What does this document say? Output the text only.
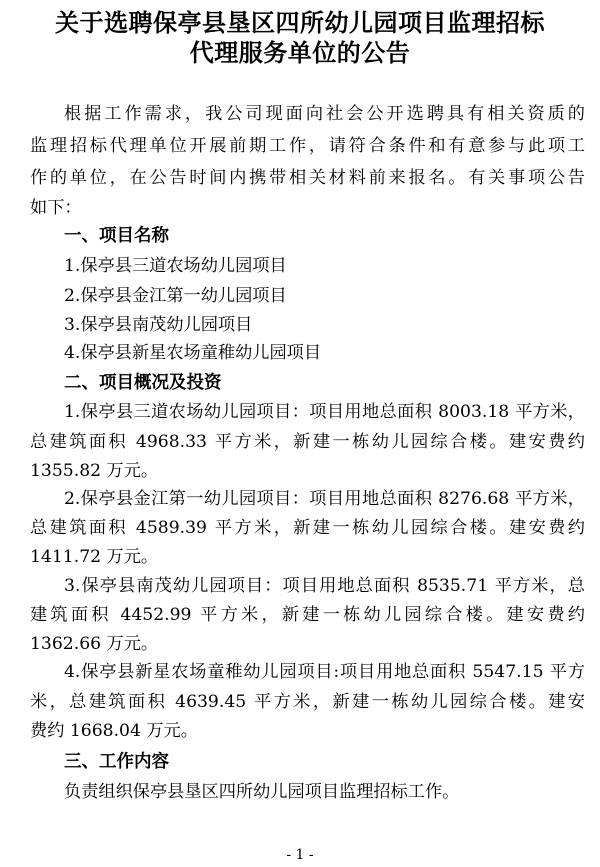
关于选聘保亭县垦区四所幼儿园项目监理招标
代理服务单位的公告
根据工作需求，我公司现面向社会公开选聘具有相关资质的
监理招标代理单位开展前期工作，请符合条件和有意参与此项工
作的单位，在公告时间内携带相关材料前来报名。有关事项公告
如下：
一、项目名称
1.保亭县三道农场幼儿园项目
2.保亭县金江第一幼儿园项目
3.保亭县南茂幼儿园项目
4.保亭县新星农场童稚幼儿园项目
二、项目概况及投资
1.保亭县三道农场幼儿园项目：项目用地总面积 8003.18 平方米，
总建筑面积 4968.33 平方米，新建一栋幼儿园综合楼。建安费约
1355.82 万元。
2.保亭县金江第一幼儿园项目：项目用地总面积 8276.68 平方米，
总建筑面积 4589.39 平方米，新建一栋幼儿园综合楼。建安费约
1411.72 万元。
3.保亭县南茂幼儿园项目：项目用地总面积 8535.71 平方米，总
建筑面积 4452.99 平方米，新建一栋幼儿园综合楼。建安费约
1362.66 万元。
4.保亭县新星农场童稚幼儿园项目:项目用地总面积 5547.15 平方
米，总建筑面积 4639.45 平方米，新建一栋幼儿园综合楼。建安
费约 1668.04 万元。
三、工作内容
负责组织保亭县垦区四所幼儿园项目监理招标工作。
- 1 -
